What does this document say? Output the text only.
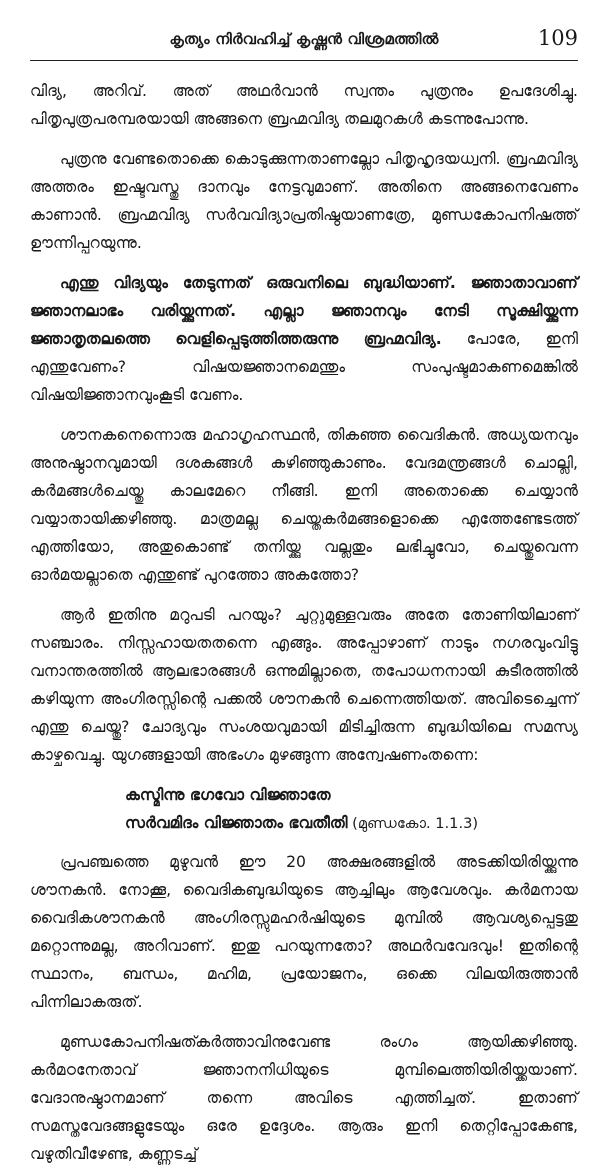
കൃത്യം നിർവഹിച്ച് കൃഷ്ണൻ വിശ്രമത്തിൽ	109

വിദ്യ, അറിവ്. അത് അഥർവാൻ സ്വന്തം പുത്രനും ഉപദേശിച്ചു. പിതൃപുത്രപരമ്പരയായി അങ്ങനെ ബ്രഹ്മവിദ്യ തലമുറകൾ കടന്നുപോന്നു.

പുത്രനു വേണ്ടതൊക്കെ കൊടുക്കുന്നതാണല്ലോ പിതൃഹൃദയധ്വനി. ബ്രഹ്മവിദ്യ അത്തരം ഇഷ്ടവസ്തു ദാനവും നേട്ടവുമാണ്. അതിനെ അങ്ങനെവേണം കാണാൻ. ബ്രഹ്മവിദ്യ സർവവിദ്യാപ്രതിഷ്ഠയാണത്രേ, മുണ്ഡകോപനിഷത്ത് ഊന്നിപ്പറയുന്നു.

എന്തു വിദ്യയും തേടുന്നത് ഒരുവനിലെ ബുദ്ധിയാണ്. ജ്ഞാതാവാണ് ജ്ഞാനലാഭം വരിയ്ക്കുന്നത്. എല്ലാ ജ്ഞാനവും നേടി സൂക്ഷിയ്ക്കുന്ന ജ്ഞാതൃതലത്തെ വെളിപ്പെടുത്തിത്തരുന്നു ബ്രഹ്മവിദ്യ. പോരേ, ഇനി എന്തുവേണം? വിഷയജ്ഞാനമെന്തും സംപുഷ്ടമാകണമെങ്കിൽ വിഷയിജ്ഞാനവുംകൂടി വേണം.

ശൗനകനെന്നൊരു മഹാഗൃഹസ്ഥൻ, തികഞ്ഞ വൈദികൻ. അധ്യയനവും അനുഷ്ഠാനവുമായി ദശകങ്ങൾ കഴിഞ്ഞുകാണും. വേദമന്ത്രങ്ങൾ ചൊല്ലി, കർമങ്ങൾചെയ്തു കാലമേറെ നീങ്ങി. ഇനി അതൊക്കെ ചെയ്യാൻ വയ്യാതായിക്കഴിഞ്ഞു. മാത്രമല്ല ചെയ്തകർമങ്ങളൊക്കെ എത്തേണ്ടേടത്ത് എത്തിയോ, അതുകൊണ്ട് തനിയ്ക്കു വല്ലതും ലഭിച്ചുവോ, ചെയ്തുവെന്ന ഓർമയല്ലാതെ എന്തുണ്ട് പുറത്തോ അകത്തോ?

ആർ ഇതിനു മറുപടി പറയും? ചുറ്റുമുള്ളവരും അതേ തോണിയിലാണ് സഞ്ചാരം. നിസ്സഹായതതന്നെ എങ്ങും. അപ്പോഴാണ് നാടും നഗരവുംവിട്ടു വനാന്തരത്തിൽ ആലഭാരങ്ങൾ ഒന്നുമില്ലാതെ, തപോധനനായി കുടീരത്തിൽ കഴിയുന്ന അംഗിരസ്സിന്റെ പക്കൽ ശൗനകൻ ചെന്നെത്തിയത്. അവിടെച്ചെന്ന് എന്തു ചെയ്തു? ചോദ്യവും സംശയവുമായി മിടിച്ചിരുന്ന ബുദ്ധിയിലെ സമസ്യ കാഴ്ചവെച്ചു. യുഗങ്ങളായി അഭംഗം മുഴങ്ങുന്ന അന്വേഷണംതന്നെ:

കസ്മിന്നു ഭഗവോ വിജ്ഞാതേ
സർവമിദം വിജ്ഞാതം ഭവതീതി (മുണ്ഡകോ. 1.1.3)

പ്രപഞ്ചത്തെ മുഴുവൻ ഈ 20 അക്ഷരങ്ങളിൽ അടക്കിയിരിയ്ക്കുന്നു ശൗനകൻ. നോക്കൂ, വൈദികബുദ്ധിയുടെ ആച്ചിലും ആവേശവും. കർമനായ വൈദികശൗനകൻ അംഗിരസ്സുമഹർഷിയുടെ മുമ്പിൽ ആവശ്യപ്പെട്ടതു മറ്റൊന്നുമല്ല, അറിവാണ്. ഇതു പറയുന്നതോ? അഥർവവേദവും! ഇതിന്റെ സ്ഥാനം, ബന്ധം, മഹിമ, പ്രയോജനം, ഒക്കെ വിലയിരുത്താൻ പിന്നിലാകരുത്.

മുണ്ഡകോപനിഷത്കർത്താവിനുവേണ്ട രംഗം ആയിക്കഴിഞ്ഞു. കർമഠനേതാവ് ജ്ഞാനനിധിയുടെ മുമ്പിലെത്തിയിരിയ്ക്കയാണ്. വേദാനുഷ്ഠാനമാണ് തന്നെ അവിടെ എത്തിച്ചത്. ഇതാണ് സമസ്തവേദങ്ങളുടേയും ഒരേ ഉദ്ദേശം. ആരും ഇനി തെറ്റിപ്പോകേണ്ട, വഴുതിവീഴേണ്ട, കണ്ണടച്ച്
